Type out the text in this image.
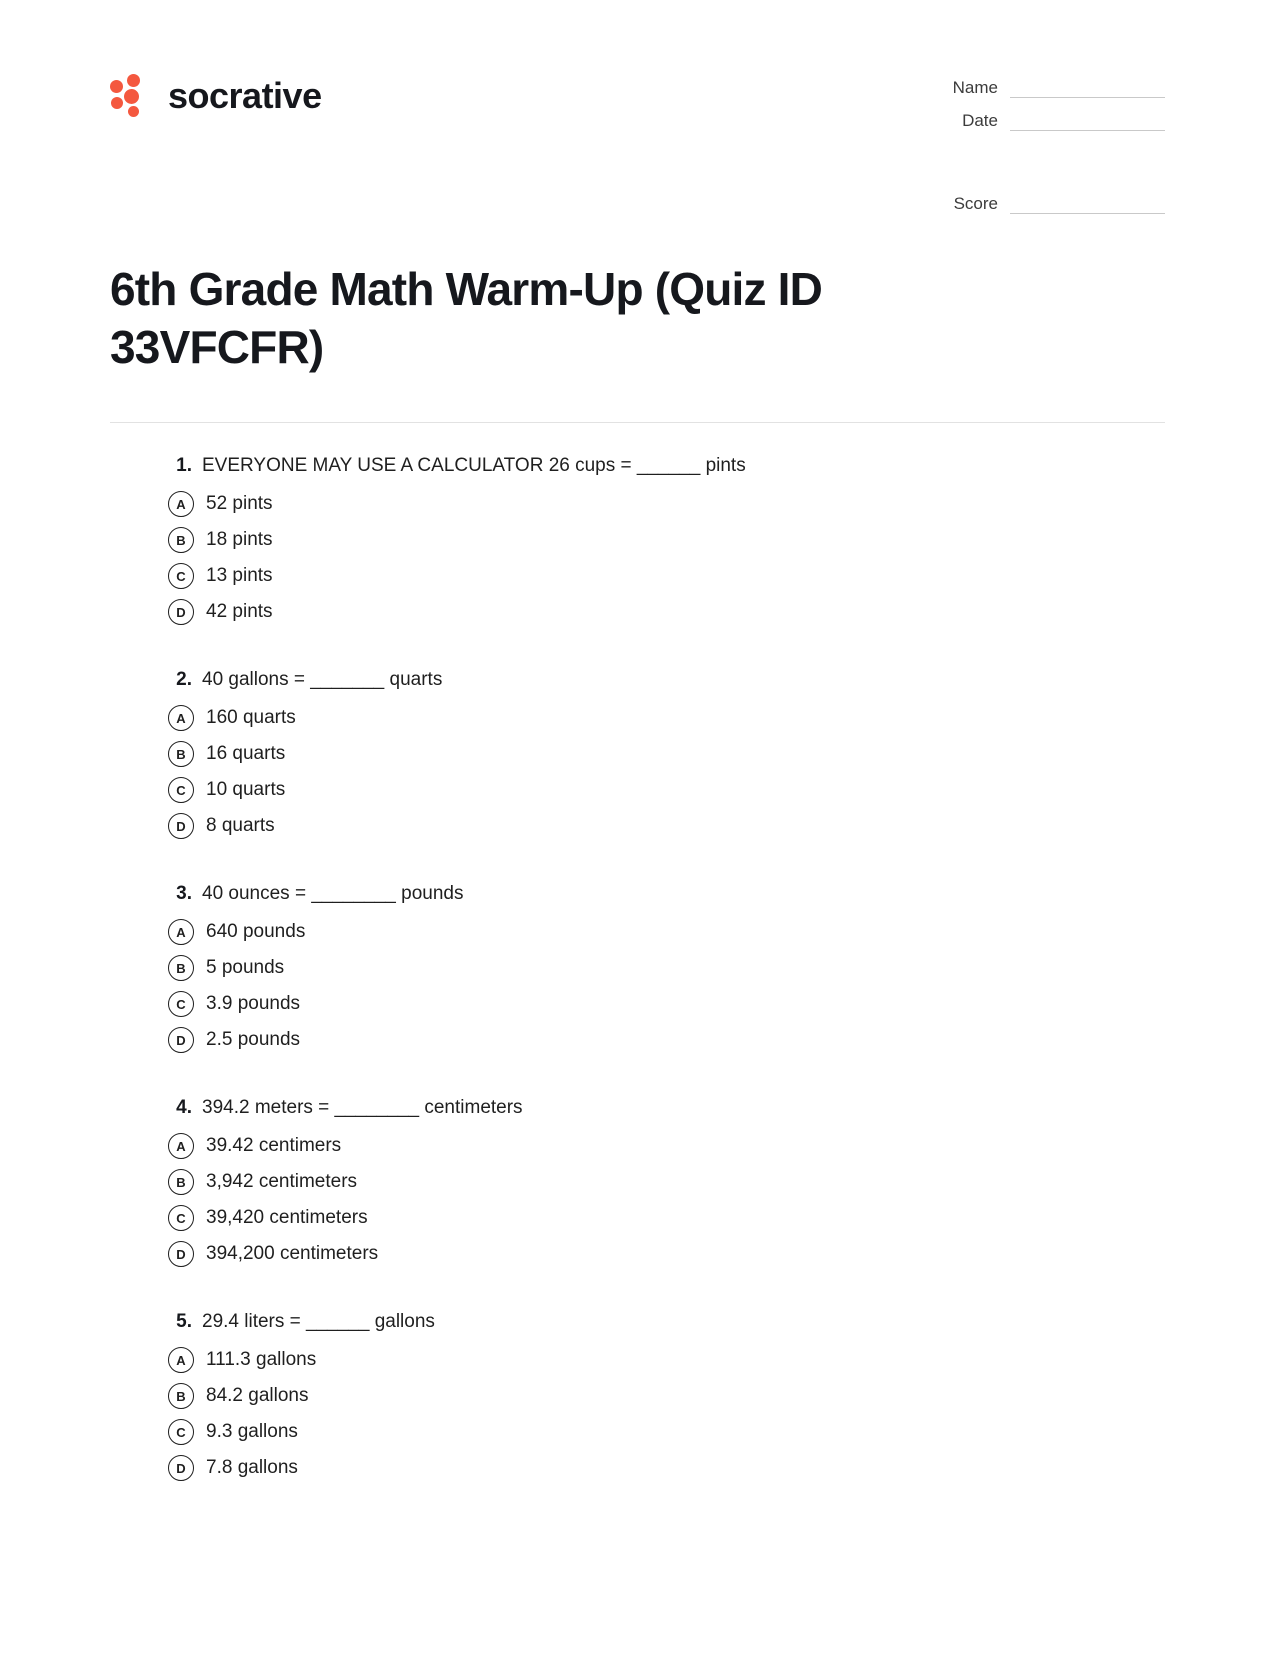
socrative	Name
Date
Score
6th Grade Math Warm-Up (Quiz ID 33VFCFR)
1. EVERYONE MAY USE A CALCULATOR 26 cups = ______ pints
A	52 pints
B	18 pints
C	13 pints
D	42 pints
2. 40 gallons = _______ quarts
A	160 quarts
B	16 quarts
C	10 quarts
D	8 quarts
3. 40 ounces = ________ pounds
A	640 pounds
B	5 pounds
C	3.9 pounds
D	2.5 pounds
4. 394.2 meters = ________ centimeters
A	39.42 centimers
B	3,942 centimeters
C	39,420 centimeters
D	394,200 centimeters
5. 29.4 liters = ______ gallons
A	111.3 gallons
B	84.2 gallons
C	9.3 gallons
D	7.8 gallons
